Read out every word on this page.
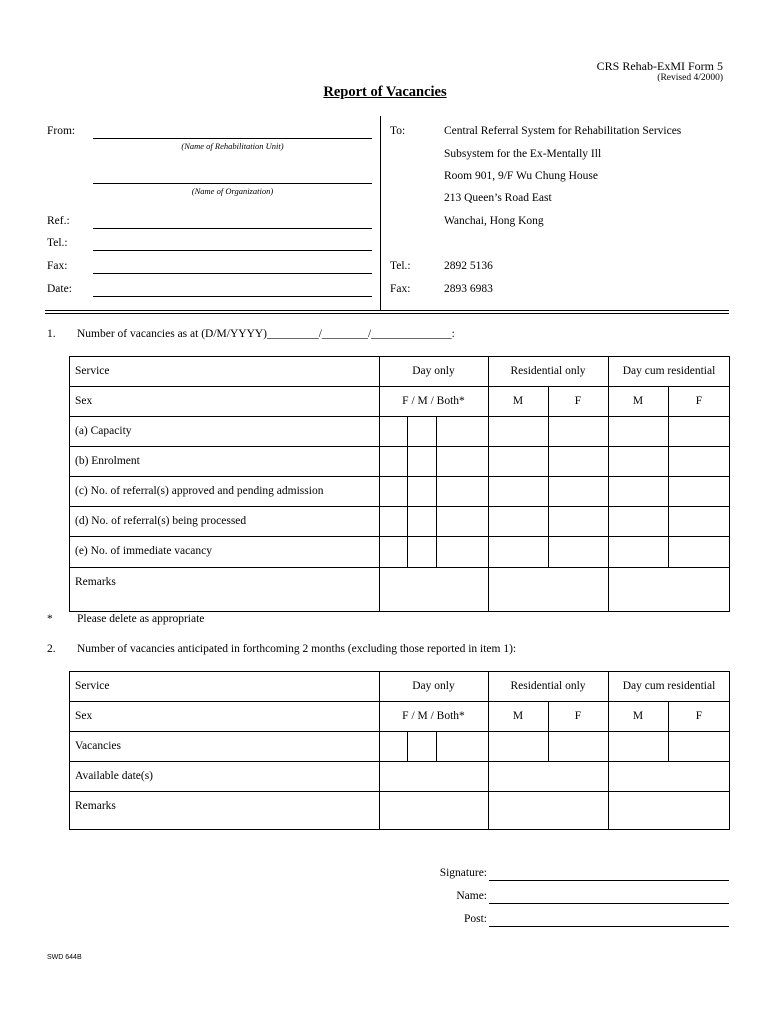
CRS Rehab-ExMI Form 5
(Revised 4/2000)
Report of Vacancies
From:
(Name of Rehabilitation Unit)
(Name of Organization)
Ref.:
Tel.:
Fax:
Date:
To:	Central Referral System for Rehabilitation Services
Subsystem for the Ex-Mentally Ill
Room 901, 9/F Wu Chung House
213 Queen’s Road East
Wanchai, Hong Kong
Tel.:	2892 5136
Fax:	2893 6983
1. Number of vacancies as at (D/M/YYYY)_________/________/______________:
Service	Day only	Residential only	Day cum residential
Sex	F / M / Both*	M	F	M	F
(a) Capacity
(b) Enrolment
(c) No. of referral(s) approved and pending admission
(d) No. of referral(s) being processed
(e) No. of immediate vacancy
Remarks
* Please delete as appropriate
2. Number of vacancies anticipated in forthcoming 2 months (excluding those reported in item 1):
Service	Day only	Residential only	Day cum residential
Sex	F / M / Both*	M	F	M	F
Vacancies
Available date(s)
Remarks
Signature:
Name:
Post:
SWD 644B
